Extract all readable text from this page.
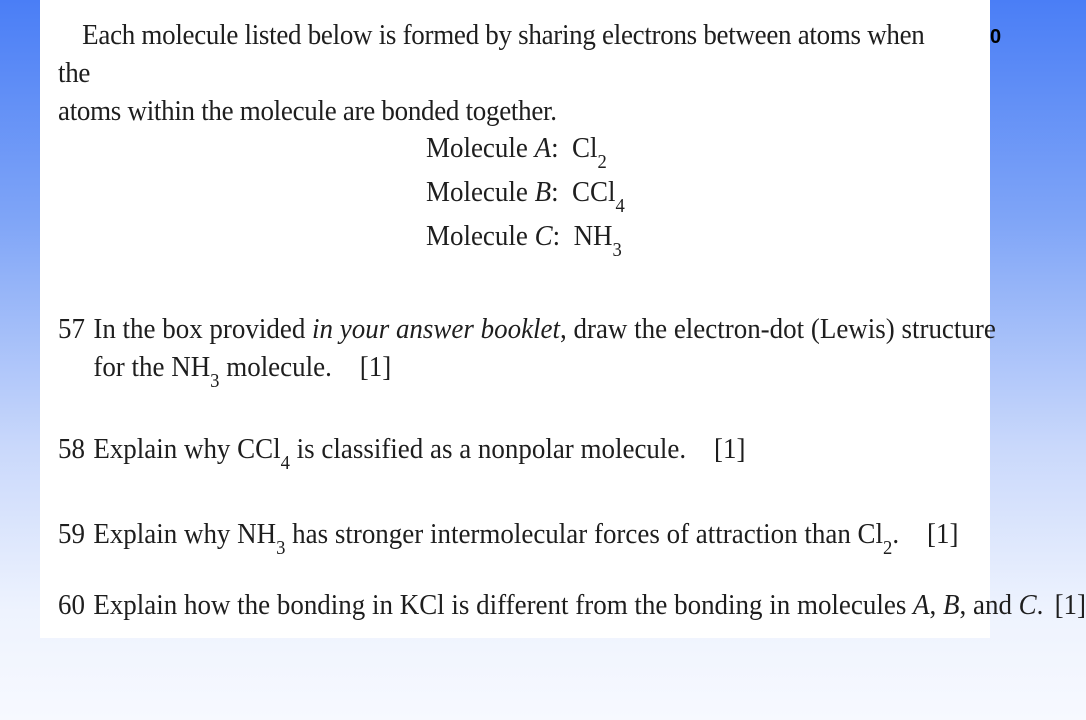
Each molecule listed below is formed by sharing electrons between atoms when the
atoms within the molecule are bonded together.
Molecule A:  $Cl_2$
Molecule B:  CCl$_4$
Molecule C:  $NH_3$
57 In the box provided in your answer booklet, draw the electron-dot (Lewis) structure
for the $NH_3$ molecule. [1]
58 Explain why CCl$_4$ is classified as a nonpolar molecule. [1]
59 Explain why $NH_3$ has stronger intermolecular forces of attraction than $Cl_2$. [1]
60 Explain how the bonding in KCl is different from the bonding in molecules A, B, and C. [1]
0
